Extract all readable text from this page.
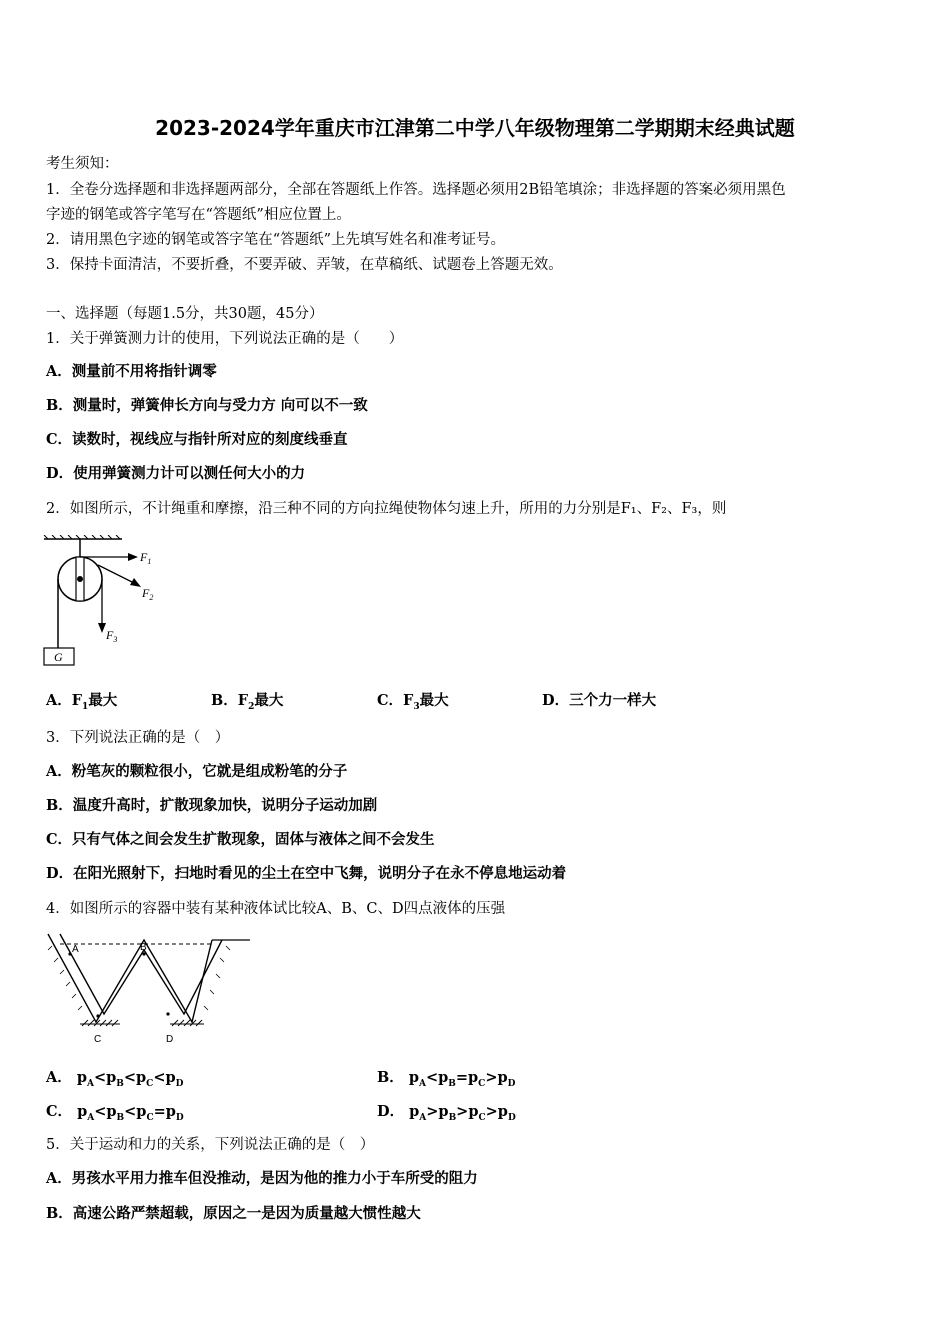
2023-2024学年重庆市江津第二中学八年级物理第二学期期末经典试题
考生须知：
1．全卷分选择题和非选择题两部分，全部在答题纸上作答。选择题必须用2B铅笔填涂；非选择题的答案必须用黑色
字迹的钢笔或答字笔写在“答题纸”相应位置上。
2．请用黑色字迹的钢笔或答字笔在“答题纸”上先填写姓名和准考证号。
3．保持卡面清洁，不要折叠，不要弄破、弄皱，在草稿纸、试题卷上答题无效。
一、选择题（每题1.5分，共30题，45分）
1．关于弹簧测力计的使用，下列说法正确的是（　　）
A．测量前不用将指针调零
B．测量时，弹簧伸长方向与受力方 向可以不一致
C．读数时，视线应与指针所对应的刻度线垂直
D．使用弹簧测力计可以测任何大小的力
2．如图所示，不计绳重和摩擦，沿三种不同的方向拉绳使物体匀速上升，所用的力分别是F₁、F₂、F₃，则
G
$F_1$
$F_2$
$F_3$
A．$F_1$最大	B．$F_2$最大	C．$F_3$最大	D．三个力一样大
3．下列说法正确的是（　）
A．粉笔灰的颗粒很小，它就是组成粉笔的分子
B．温度升高时，扩散现象加快，说明分子运动加剧
C．只有气体之间会发生扩散现象，固体与液体之间不会发生
D．在阳光照射下，扫地时看见的尘土在空中飞舞，说明分子在永不停息地运动着
4．如图所示的容器中装有某种液体试比较A、B、C、D四点液体的压强
A	B
C	D
A． $p_A<p_B<p_C<p_D$	B． $p_A<p_B=p_C>p_D$
C． $p_A<p_B<p_C=p_D$	D． $p_A>p_B>p_C>p_D$
5．关于运动和力的关系，下列说法正确的是（　）
A．男孩水平用力推车但没推动，是因为他的推力小于车所受的阻力
B．高速公路严禁超载，原因之一是因为质量越大惯性越大
